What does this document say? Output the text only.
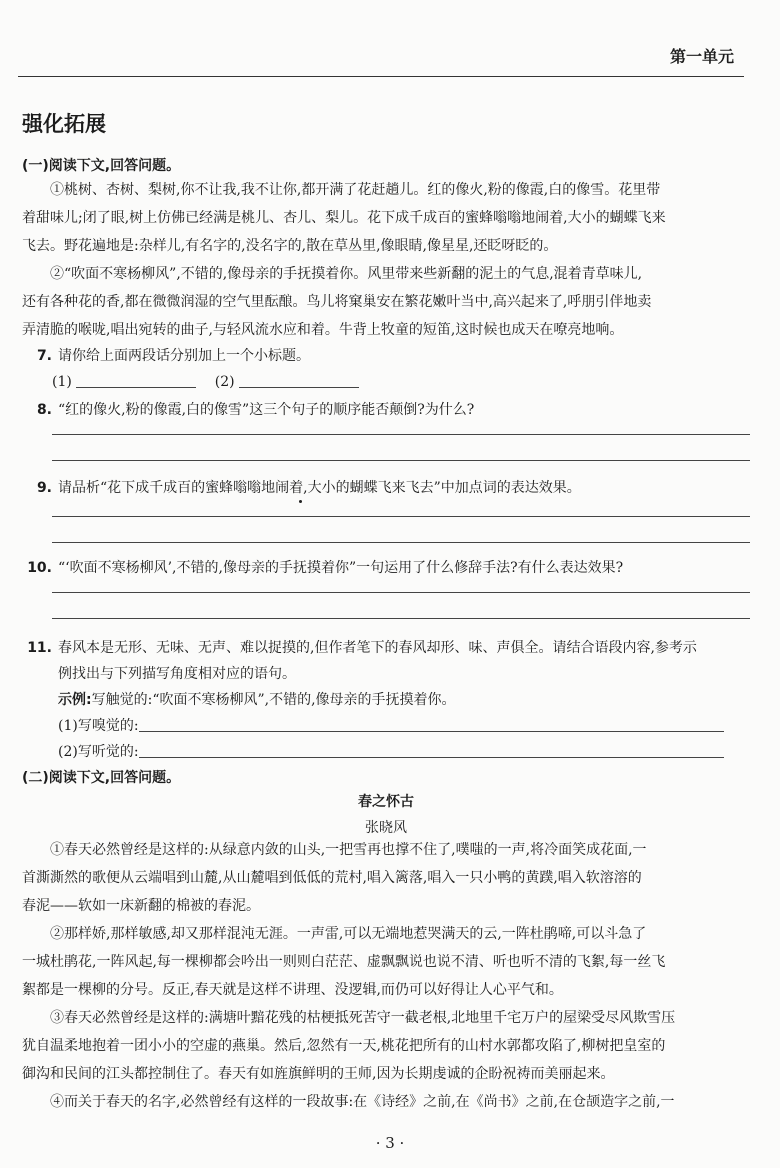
第一单元
强化拓展
(一)阅读下文,回答问题。
①桃树、杏树、梨树,你不让我,我不让你,都开满了花赶趟儿。红的像火,粉的像霞,白的像雪。花里带
着甜味儿;闭了眼,树上仿佛已经满是桃儿、杏儿、梨儿。花下成千成百的蜜蜂嗡嗡地闹着,大小的蝴蝶飞来
飞去。野花遍地是:杂样儿,有名字的,没名字的,散在草丛里,像眼睛,像星星,还眨呀眨的。
②“吹面不寒杨柳风”,不错的,像母亲的手抚摸着你。风里带来些新翻的泥土的气息,混着青草味儿,
还有各种花的香,都在微微润湿的空气里酝酿。鸟儿将窠巢安在繁花嫩叶当中,高兴起来了,呼朋引伴地卖
弄清脆的喉咙,唱出宛转的曲子,与轻风流水应和着。牛背上牧童的短笛,这时候也成天在嘹亮地响。
7. 请你给上面两段话分别加上一个小标题。
(1)	(2)
8. “红的像火,粉的像霞,白的像雪”这三个句子的顺序能否颠倒?为什么?
9. 请品析“花下成千成百的蜜蜂嗡嗡地闹着,大小的蝴蝶飞来飞去”中加点词的表达效果。
10. “‘吹面不寒杨柳风’,不错的,像母亲的手抚摸着你”一句运用了什么修辞手法?有什么表达效果?
11. 春风本是无形、无味、无声、难以捉摸的,但作者笔下的春风却形、味、声俱全。请结合语段内容,参考示
例找出与下列描写角度相对应的语句。
示例:写触觉的:“吹面不寒杨柳风”,不错的,像母亲的手抚摸着你。
(1)写嗅觉的:
(2)写听觉的:
(二)阅读下文,回答问题。
春之怀古
张晓风
①春天必然曾经是这样的:从绿意内敛的山头,一把雪再也撑不住了,噗嗤的一声,将冷面笑成花面,一
首澌澌然的歌便从云端唱到山麓,从山麓唱到低低的荒村,唱入篱落,唱入一只小鸭的黄蹼,唱入软溶溶的
春泥——软如一床新翻的棉被的春泥。
②那样娇,那样敏感,却又那样混沌无涯。一声雷,可以无端地惹哭满天的云,一阵杜鹃啼,可以斗急了
一城杜鹃花,一阵风起,每一棵柳都会吟出一则则白茫茫、虚飘飘说也说不清、听也听不清的飞絮,每一丝飞
絮都是一棵柳的分号。反正,春天就是这样不讲理、没逻辑,而仍可以好得让人心平气和。
③春天必然曾经是这样的:满塘叶黯花残的枯梗抵死苦守一截老根,北地里千宅万户的屋梁受尽风欺雪压
犹自温柔地抱着一团小小的空虚的燕巢。然后,忽然有一天,桃花把所有的山村水郭都攻陷了,柳树把皇室的
御沟和民间的江头都控制住了。春天有如旌旗鲜明的王师,因为长期虔诚的企盼祝祷而美丽起来。
④而关于春天的名字,必然曾经有这样的一段故事:在《诗经》之前,在《尚书》之前,在仓颉造字之前,一
· 3 ·
